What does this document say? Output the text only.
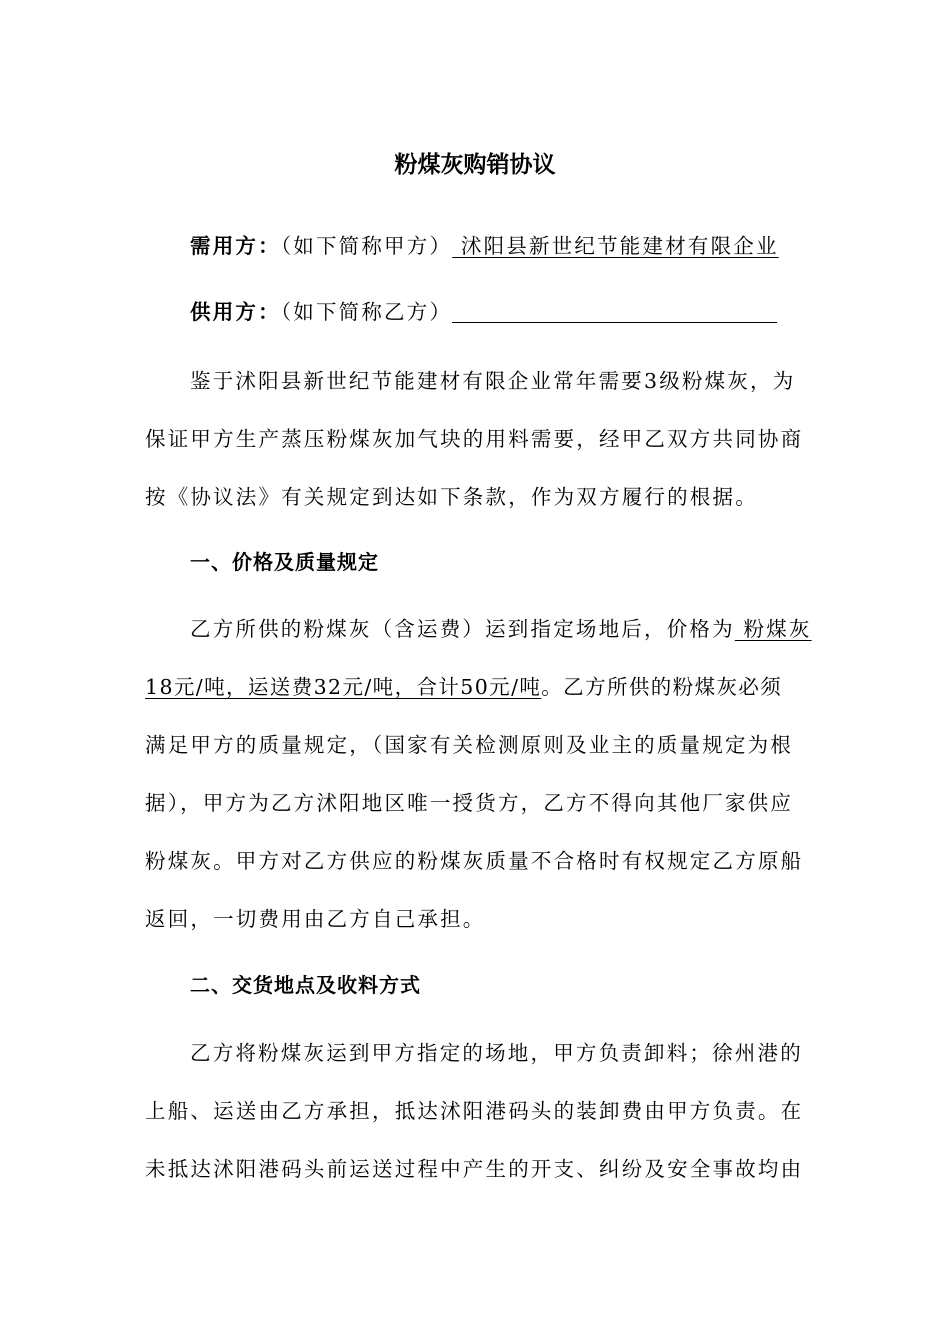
粉煤灰购销协议
需用方：（如下简称甲方） 沭阳县新世纪节能建材有限企业
供用方：（如下简称乙方）
鉴于沭阳县新世纪节能建材有限企业常年需要3级粉煤灰，为
保证甲方生产蒸压粉煤灰加气块的用料需要，经甲乙双方共同协商
按《协议法》有关规定到达如下条款，作为双方履行的根据。
一、价格及质量规定
乙方所供的粉煤灰（含运费）运到指定场地后，价格为 粉煤灰
18元/吨，运送费32元/吨，合计50元/吨。乙方所供的粉煤灰必须
满足甲方的质量规定，（国家有关检测原则及业主的质量规定为根
据），甲方为乙方沭阳地区唯一授货方，乙方不得向其他厂家供应
粉煤灰。甲方对乙方供应的粉煤灰质量不合格时有权规定乙方原船
返回，一切费用由乙方自己承担。
二、交货地点及收料方式
乙方将粉煤灰运到甲方指定的场地，甲方负责卸料；徐州港的
上船、运送由乙方承担，抵达沭阳港码头的装卸费由甲方负责。在
未抵达沭阳港码头前运送过程中产生的开支、纠纷及安全事故均由
